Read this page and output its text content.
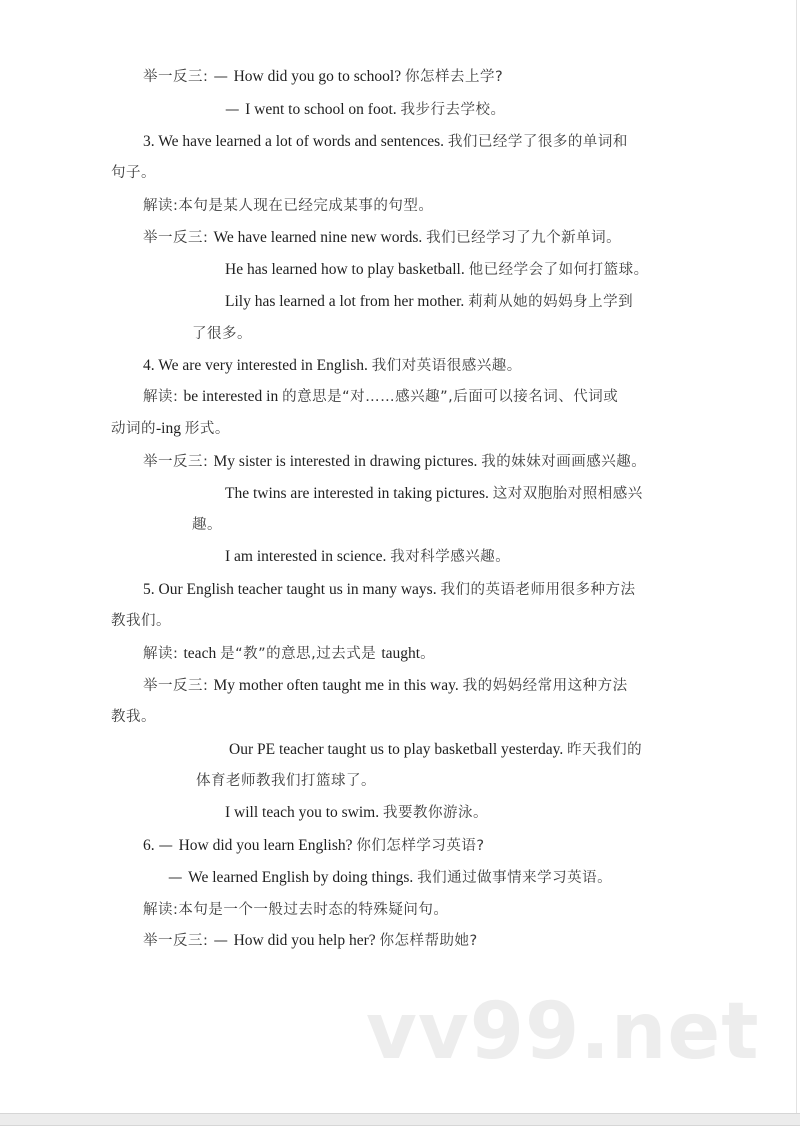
举一反三: — How did you go to school? 你怎样去上学?
— I went to school on foot. 我步行去学校。
3. We have learned a lot of words and sentences. 我们已经学了很多的单词和
句子。
解读:本句是某人现在已经完成某事的句型。
举一反三: We have learned nine new words. 我们已经学习了九个新单词。
He has learned how to play basketball. 他已经学会了如何打篮球。
Lily has learned a lot from her mother. 莉莉从她的妈妈身上学到
了很多。
4. We are very interested in English. 我们对英语很感兴趣。
解读: be interested in 的意思是“对……感兴趣”,后面可以接名词、代词或
动词的-ing 形式。
举一反三: My sister is interested in drawing pictures. 我的妹妹对画画感兴趣。
The twins are interested in taking pictures. 这对双胞胎对照相感兴
趣。
I am interested in science. 我对科学感兴趣。
5. Our English teacher taught us in many ways. 我们的英语老师用很多种方法
教我们。
解读: teach 是“教”的意思,过去式是 taught。
举一反三: My mother often taught me in this way. 我的妈妈经常用这种方法
教我。
Our PE teacher taught us to play basketball yesterday. 昨天我们的
体育老师教我们打篮球了。
I will teach you to swim. 我要教你游泳。
6. — How did you learn English? 你们怎样学习英语?
— We learned English by doing things. 我们通过做事情来学习英语。
解读:本句是一个一般过去时态的特殊疑问句。
举一反三: — How did you help her? 你怎样帮助她?
vv99.net
